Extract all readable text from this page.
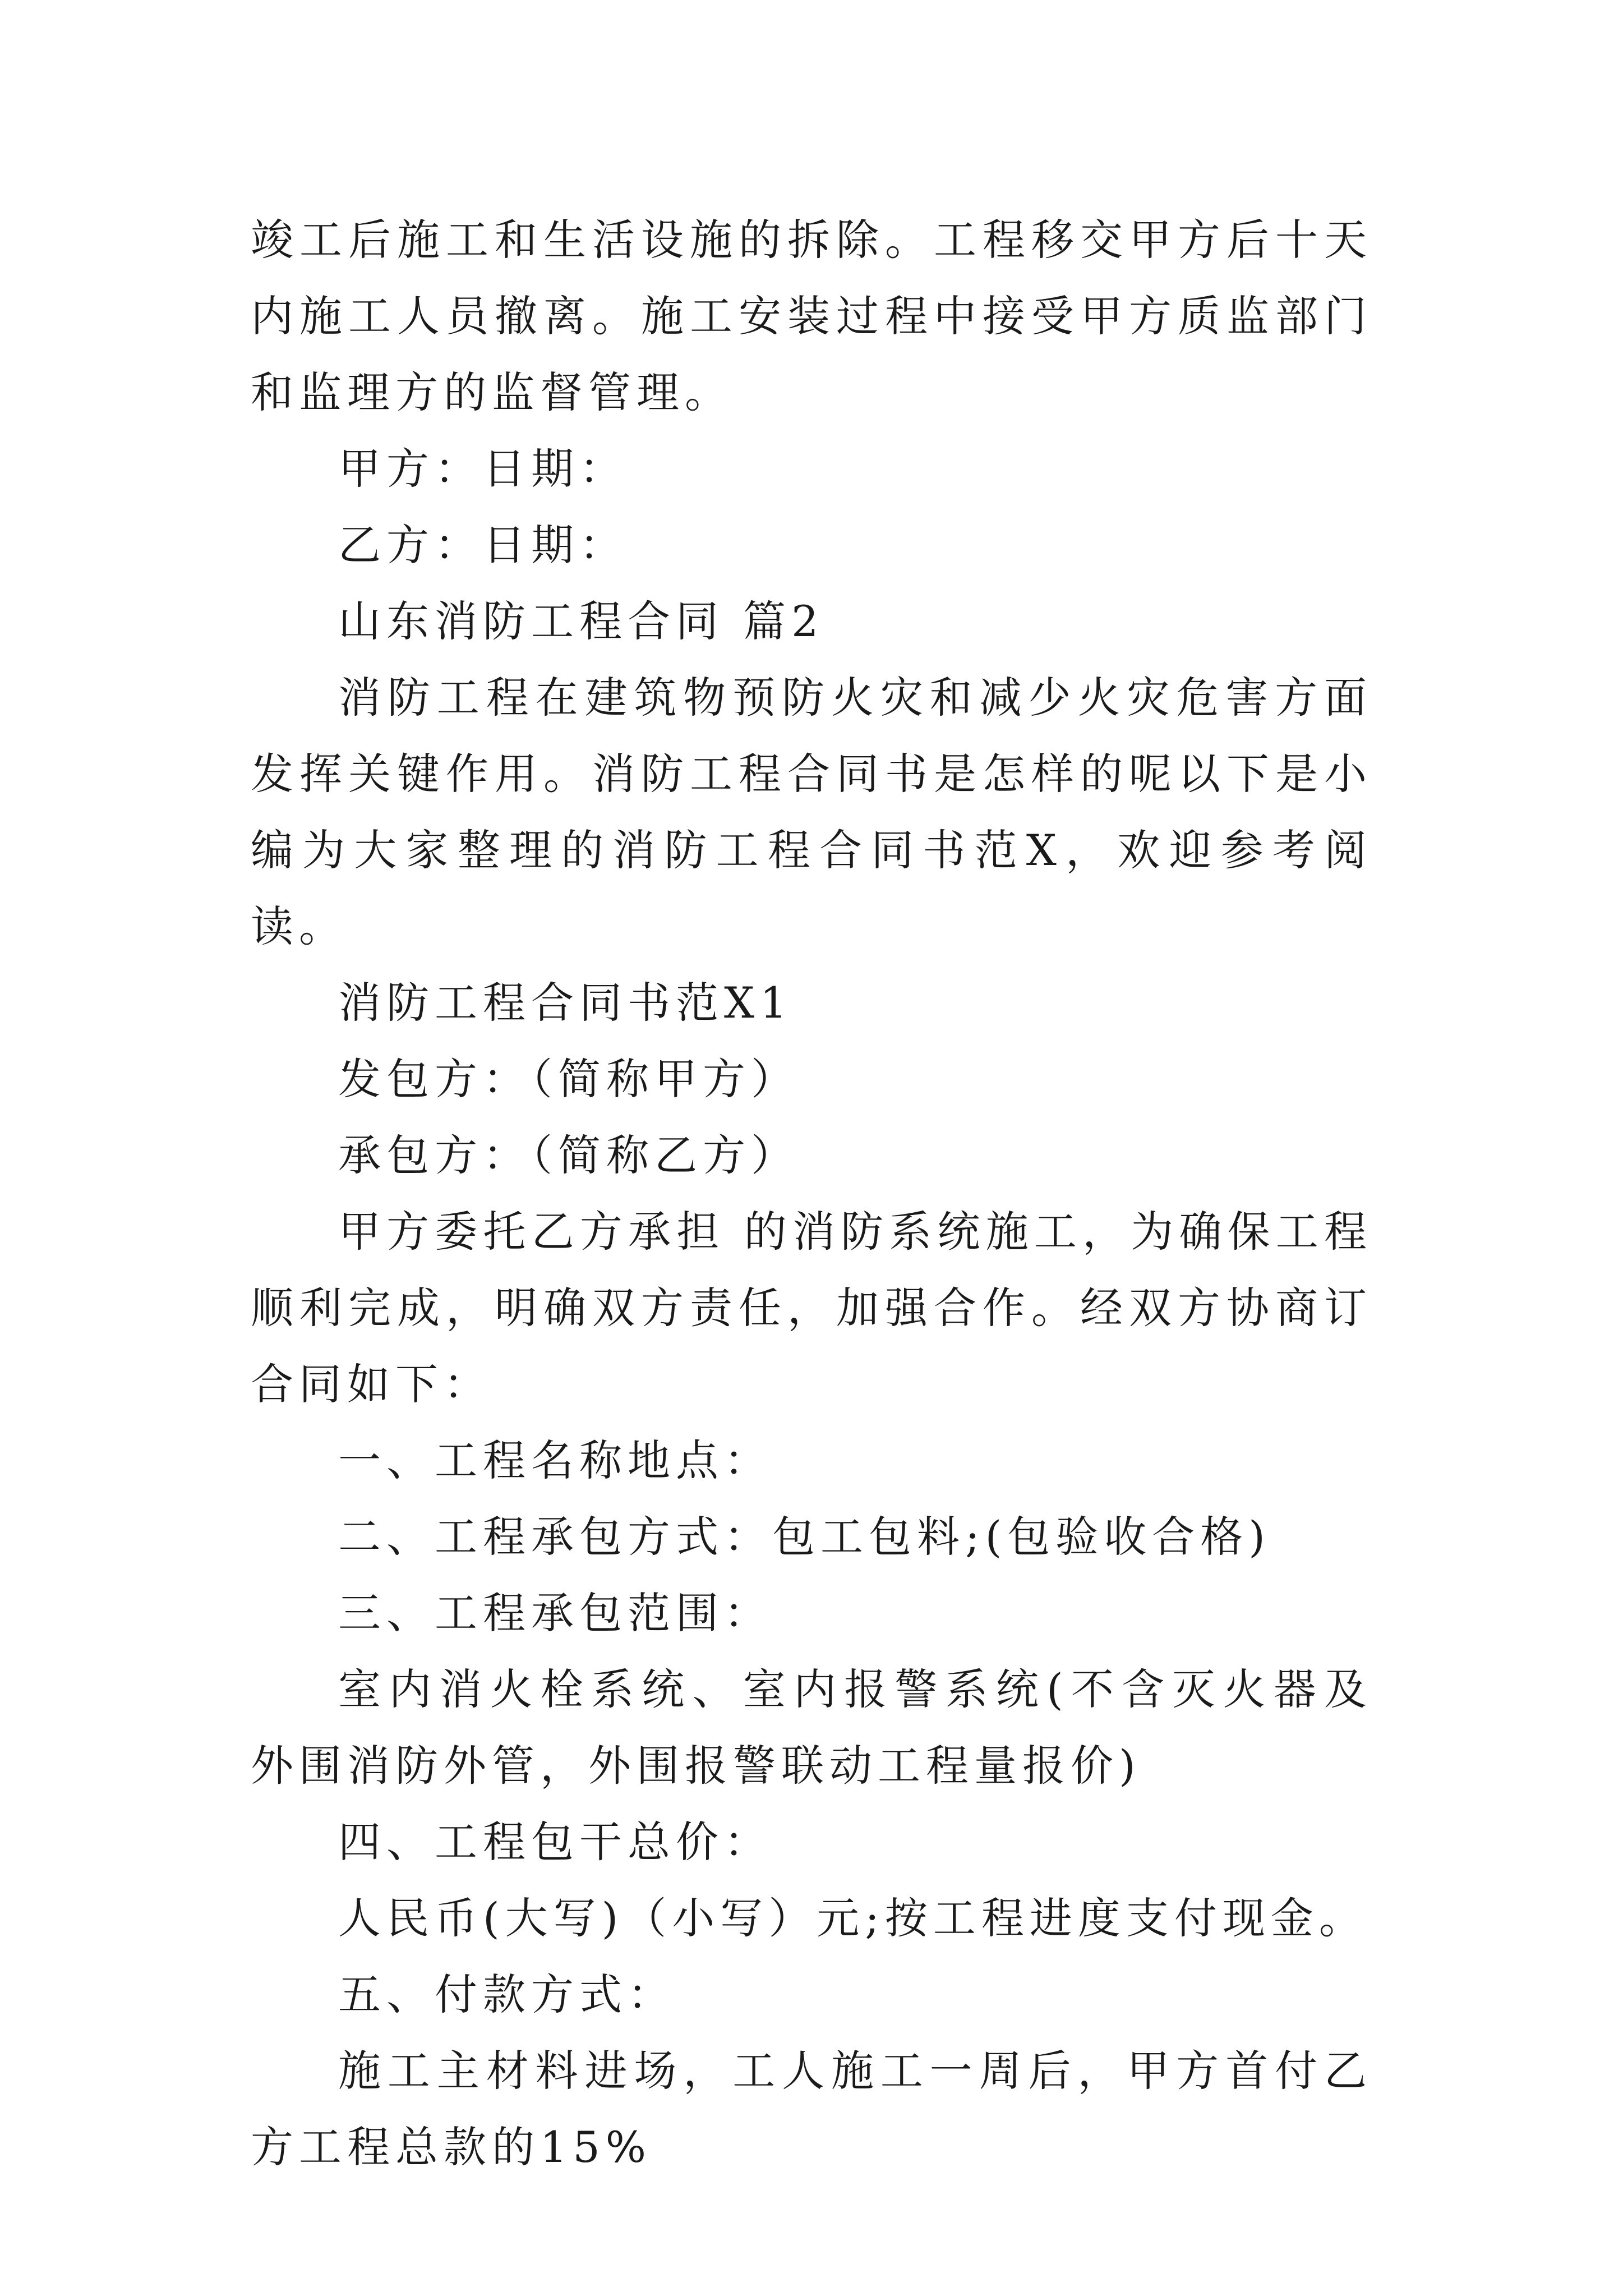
竣工后施工和生活设施的拆除。工程移交甲方后十天内施工人员撤离。施工安装过程中接受甲方质监部门和监理方的监督管理。

甲方：日期：

乙方：日期：

山东消防工程合同 篇2

消防工程在建筑物预防火灾和减少火灾危害方面发挥关键作用。消防工程合同书是怎样的呢以下是小编为大家整理的消防工程合同书范X，欢迎参考阅读。

消防工程合同书范X1

发包方：（简称甲方）

承包方：（简称乙方）

甲方委托乙方承担 的消防系统施工，为确保工程顺利完成，明确双方责任，加强合作。经双方协商订合同如下：

一、工程名称地点：

二、工程承包方式：包工包料;(包验收合格)

三、工程承包范围：

室内消火栓系统、室内报警系统(不含灭火器及外围消防外管，外围报警联动工程量报价)

四、工程包干总价：

人民币(大写)（小写）元;按工程进度支付现金。

五、付款方式：

施工主材料进场，工人施工一周后，甲方首付乙方工程总款的15%
